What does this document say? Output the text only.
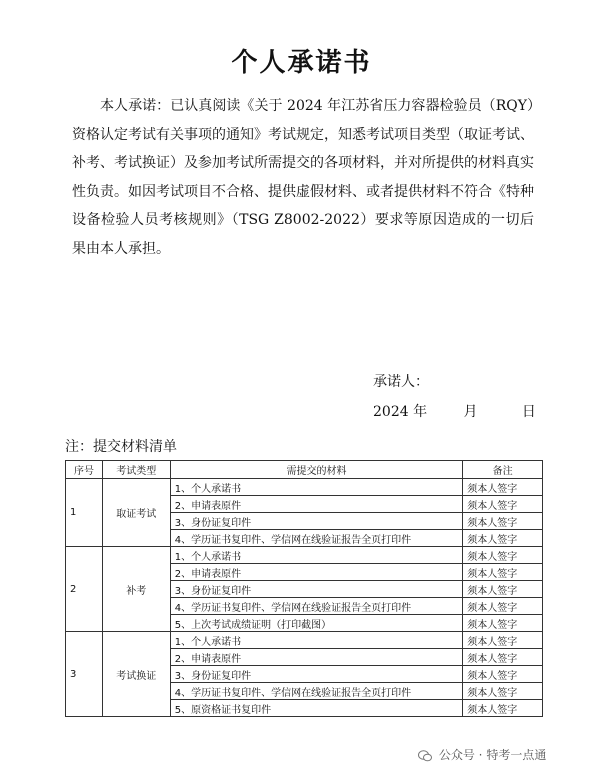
个人承诺书

本人承诺：已认真阅读《关于 2024 年江苏省压力容器检验员（RQY）资格认定考试有关事项的通知》考试规定，知悉考试项目类型（取证考试、补考、考试换证）及参加考试所需提交的各项材料，并对所提供的材料真实性负责。如因考试项目不合格、提供虚假材料、或者提供材料不符合《特种设备检验人员考核规则》（TSG Z8002-2022）要求等原因造成的一切后果由本人承担。

承诺人：
2024 年	月	日
注：提交材料清单
序号	考试类型	需提交的材料	备注
1	取证考试	1、个人承诺书	须本人签字
		2、申请表原件	须本人签字
		3、身份证复印件	须本人签字
		4、学历证书复印件、学信网在线验证报告全页打印件	须本人签字
2	补考	1、个人承诺书	须本人签字
		2、申请表原件	须本人签字
		3、身份证复印件	须本人签字
		4、学历证书复印件、学信网在线验证报告全页打印件	须本人签字
		5、上次考试成绩证明（打印截图）	须本人签字
3	考试换证	1、个人承诺书	须本人签字
		2、申请表原件	须本人签字
		3、身份证复印件	须本人签字
		4、学历证书复印件、学信网在线验证报告全页打印件	须本人签字
		5、原资格证书复印件	须本人签字
公众号 · 特考一点通
